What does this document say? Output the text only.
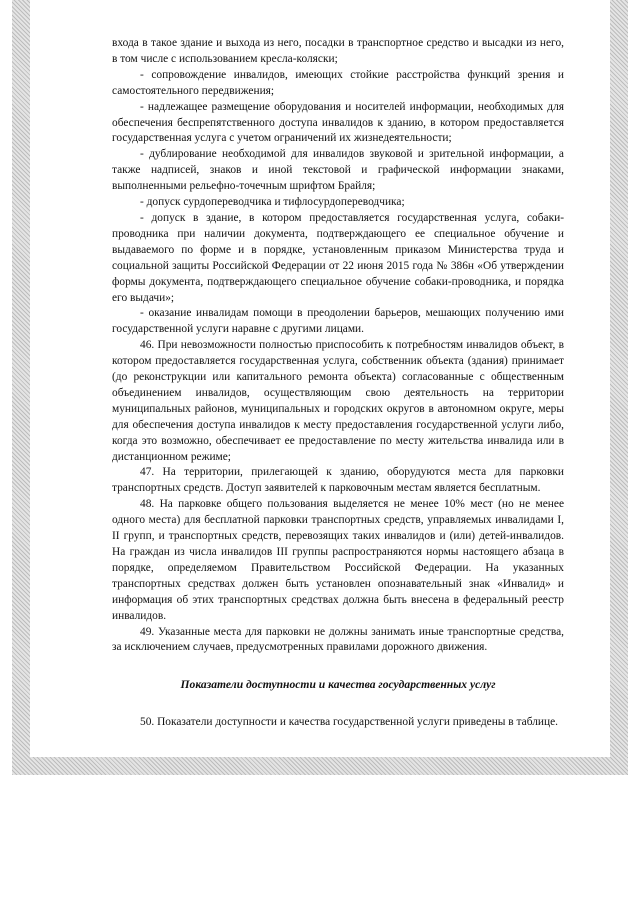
входа в такое здание и выхода из него, посадки в транспортное средство и высадки из него, в том числе с использованием кресла-коляски;

- сопровождение инвалидов, имеющих стойкие расстройства функций зрения и самостоятельного передвижения;

- надлежащее размещение оборудования и носителей информации, необходимых для обеспечения беспрепятственного доступа инвалидов к зданию, в котором предоставляется государственная услуга с учетом ограничений их жизнедеятельности;

- дублирование необходимой для инвалидов звуковой и зрительной информации, а также надписей, знаков и иной текстовой и графической информации знаками, выполненными рельефно-точечным шрифтом Брайля;

- допуск сурдопереводчика и тифлосурдопереводчика;

- допуск в здание, в котором предоставляется государственная услуга, собаки-проводника при наличии документа, подтверждающего ее специальное обучение и выдаваемого по форме и в порядке, установленным приказом Министерства труда и социальной защиты Российской Федерации от 22 июня 2015 года № 386н «Об утверждении формы документа, подтверждающего специальное обучение собаки-проводника, и порядка его выдачи»;

- оказание инвалидам помощи в преодолении барьеров, мешающих получению ими государственной услуги наравне с другими лицами.

46. При невозможности полностью приспособить к потребностям инвалидов объект, в котором предоставляется государственная услуга, собственник объекта (здания) принимает (до реконструкции или капитального ремонта объекта) согласованные с общественным объединением инвалидов, осуществляющим свою деятельность на территории муниципальных районов, муниципальных и городских округов в автономном округе, меры для обеспечения доступа инвалидов к месту предоставления государственной услуги либо, когда это возможно, обеспечивает ее предоставление по месту жительства инвалида или в дистанционном режиме;

47. На территории, прилегающей к зданию, оборудуются места для парковки транспортных средств. Доступ заявителей к парковочным местам является бесплатным.

48. На парковке общего пользования выделяется не менее 10% мест (но не менее одного места) для бесплатной парковки транспортных средств, управляемых инвалидами I, II групп, и транспортных средств, перевозящих таких инвалидов и (или) детей-инвалидов. На граждан из числа инвалидов III группы распространяются нормы настоящего абзаца в порядке, определяемом Правительством Российской Федерации. На указанных транспортных средствах должен быть установлен опознавательный знак «Инвалид» и информация об этих транспортных средствах должна быть внесена в федеральный реестр инвалидов.

49. Указанные места для парковки не должны занимать иные транспортные средства, за исключением случаев, предусмотренных правилами дорожного движения.

Показатели доступности и качества государственных услуг

50. Показатели доступности и качества государственной услуги приведены в таблице.
